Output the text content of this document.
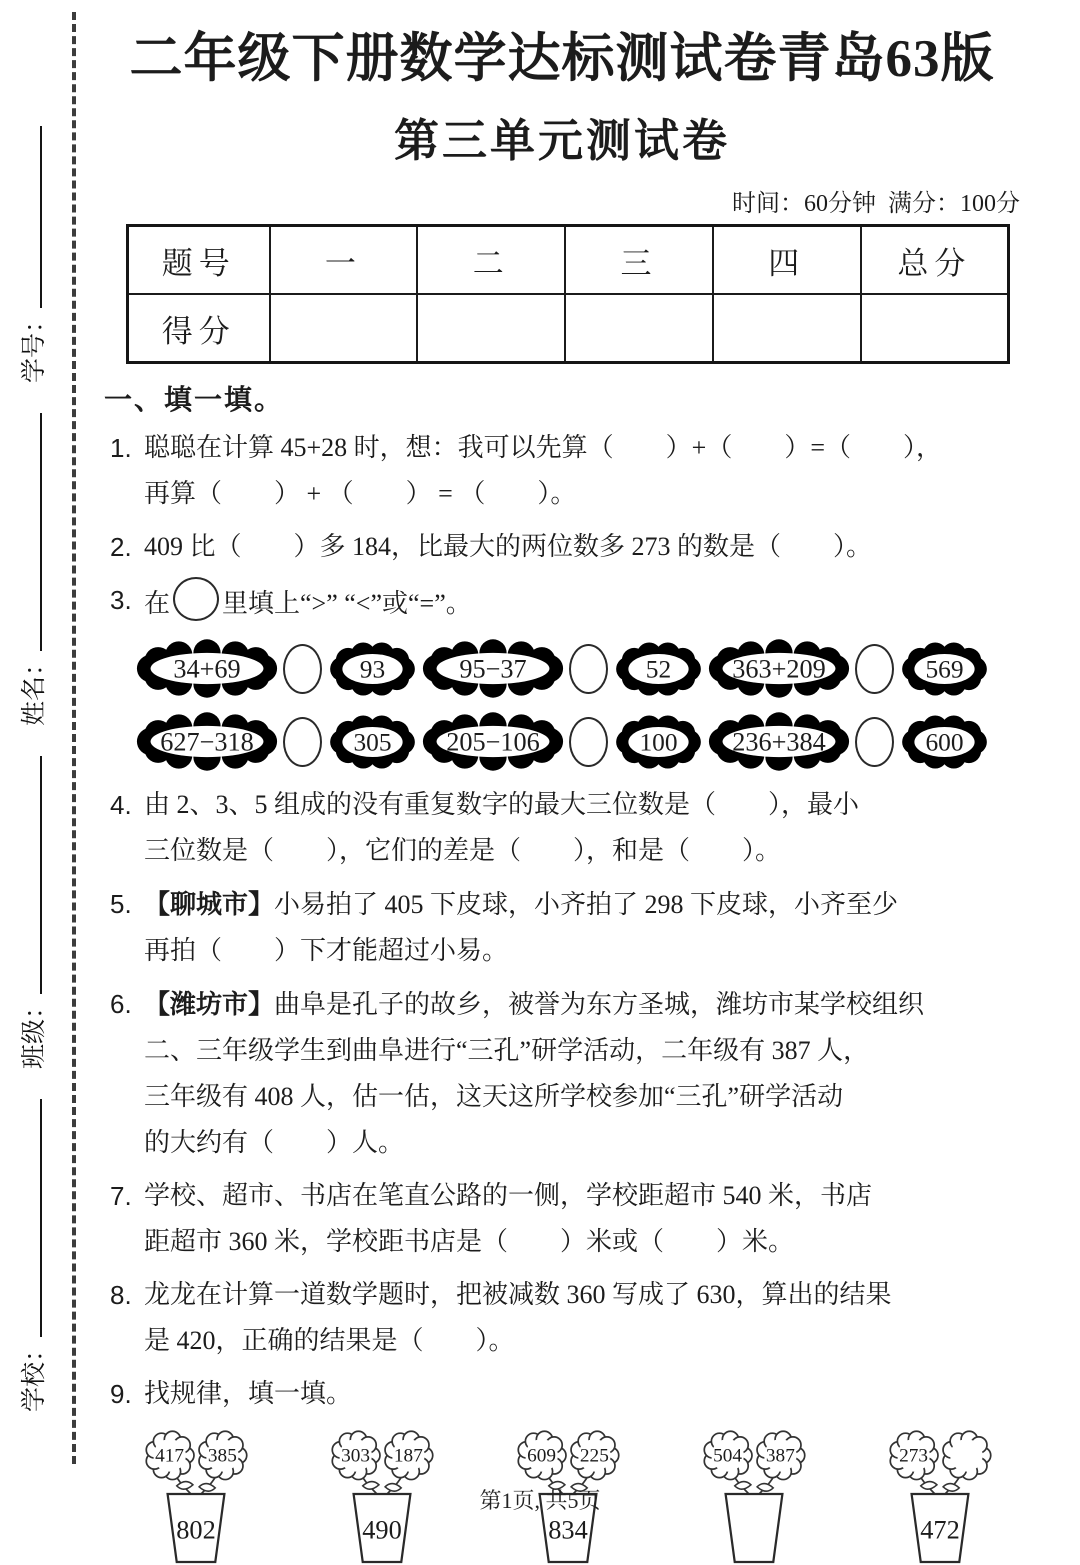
学校：
班级：
姓名：
学号：
二年级下册数学达标测试卷青岛63版
第三单元测试卷
时间：60分钟  满分：100分
题号	一	二	三	四	总分
得分					
一、填一填。
1. 聪聪在计算 45+28 时，想：我可以先算（　　）+（　　）=（　　），
再算（　　） + （　　） = （　　）。
2. 409 比（　　）多 184，比最大的两位数多 273 的数是（　　）。
3. 在 里填上“>” “<”或“=”。
34+69	93	95−37	52 363+209	569
627−318	305 205−106	100 236+384	600
4. 由 2、3、5 组成的没有重复数字的最大三位数是（　　），最小
三位数是（　　），它们的差是（　　），和是（　　）。
5. 【聊城市】小易拍了 405 下皮球，小齐拍了 298 下皮球，小齐至少
再拍（　　）下才能超过小易。
6. 【潍坊市】曲阜是孔子的故乡，被誉为东方圣城，潍坊市某学校组织
二、三年级学生到曲阜进行“三孔”研学活动，二年级有 387 人，
三年级有 408 人，估一估，这天这所学校参加“三孔”研学活动
的大约有（　　）人。
7. 学校、超市、书店在笔直公路的一侧，学校距超市 540 米，书店
距超市 360 米，学校距书店是（　　）米或（　　）米。
8. 龙龙在计算一道数学题时，把被减数 360 写成了 630，算出的结果
是 420，正确的结果是（　　）。
9. 找规律，填一填。
802
417 385
490
303 187
834
609 225	504 387
472
273
第1页, 共5页
